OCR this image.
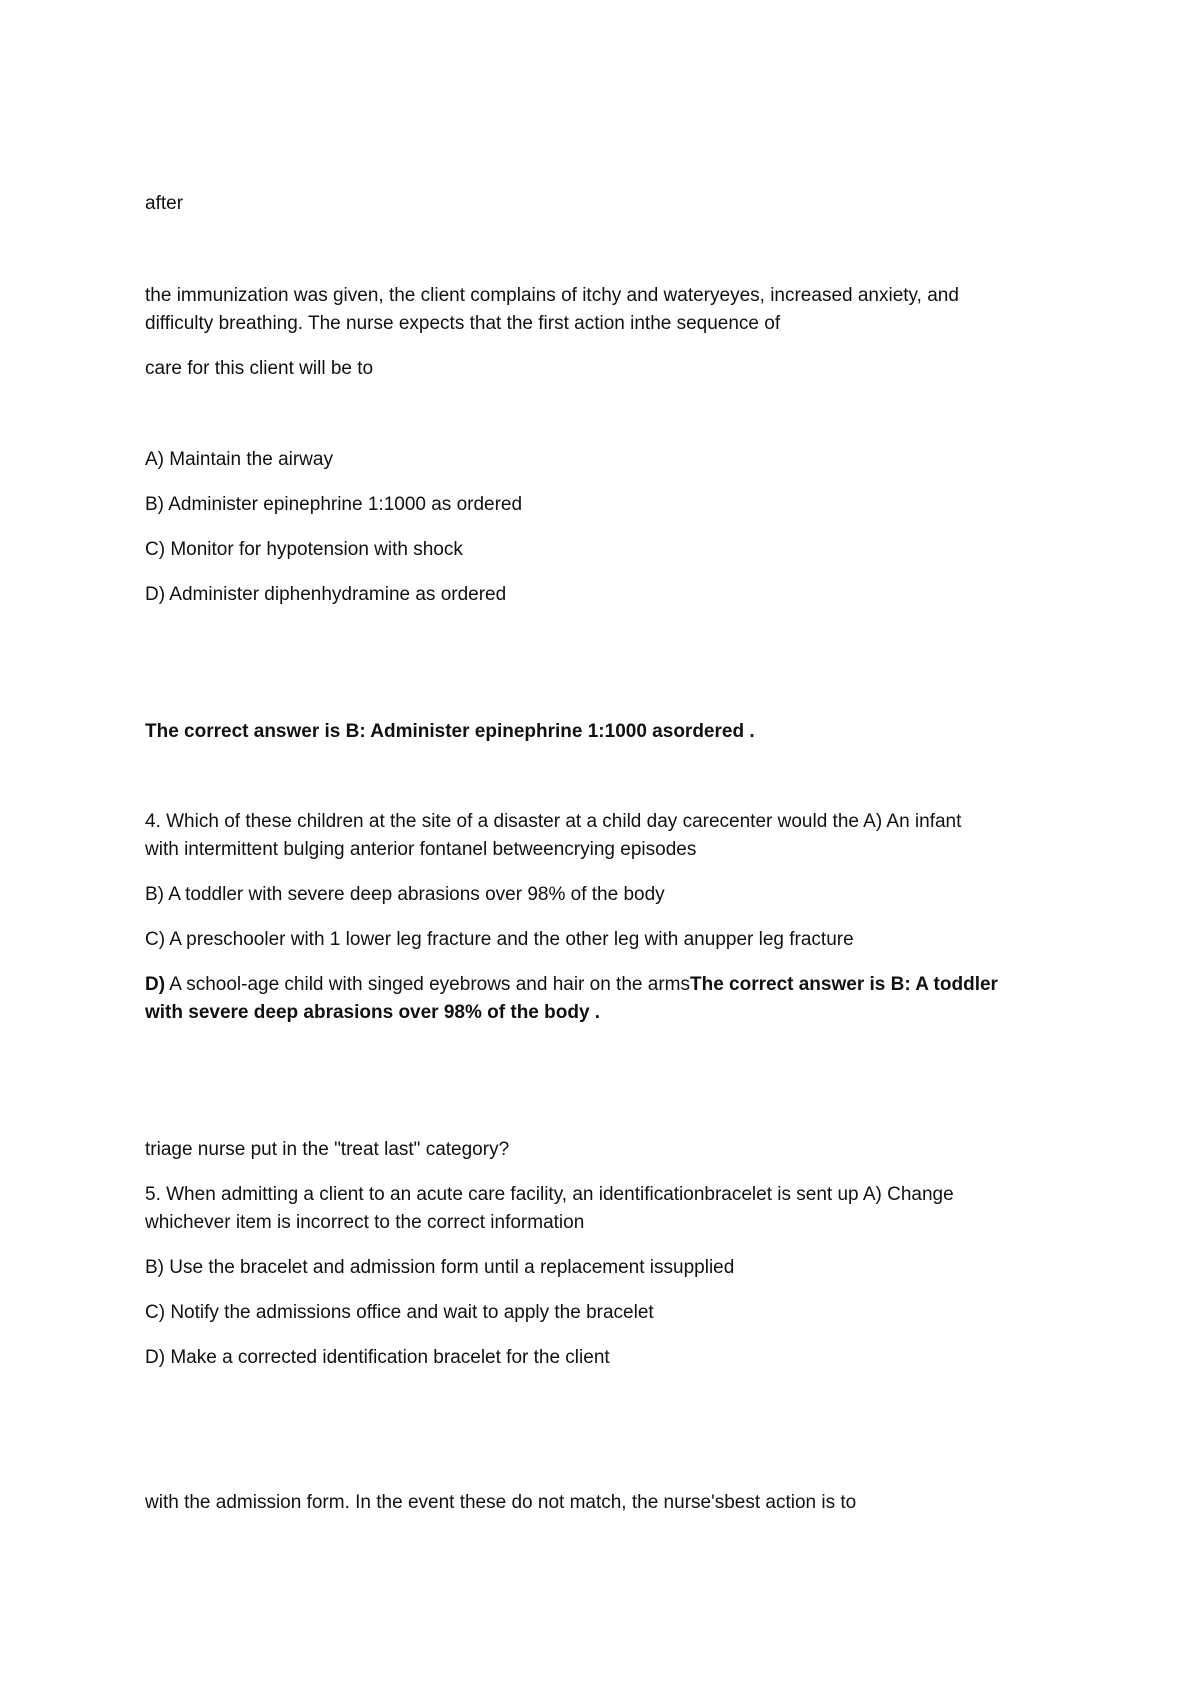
after
the immunization was given, the client complains of itchy and wateryeyes, increased anxiety, and
difficulty breathing. The nurse expects that the first action inthe sequence of
care for this client will be to
A) Maintain the airway
B) Administer epinephrine 1:1000 as ordered
C) Monitor for hypotension with shock
D) Administer diphenhydramine as ordered
The correct answer is B: Administer epinephrine 1:1000 asordered .
4. Which of these children at the site of a disaster at a child day carecenter would the A) An infant
with intermittent bulging anterior fontanel betweencrying episodes
B) A toddler with severe deep abrasions over 98% of the body
C) A preschooler with 1 lower leg fracture and the other leg with anupper leg fracture
D) A school-age child with singed eyebrows and hair on the armsThe correct answer is B: A toddler
with severe deep abrasions over 98% of the body .
triage nurse put in the "treat last" category?
5. When admitting a client to an acute care facility, an identificationbracelet is sent up A) Change
whichever item is incorrect to the correct information
B) Use the bracelet and admission form until a replacement issupplied
C) Notify the admissions office and wait to apply the bracelet
D) Make a corrected identification bracelet for the client
with the admission form. In the event these do not match, the nurse'sbest action is to
